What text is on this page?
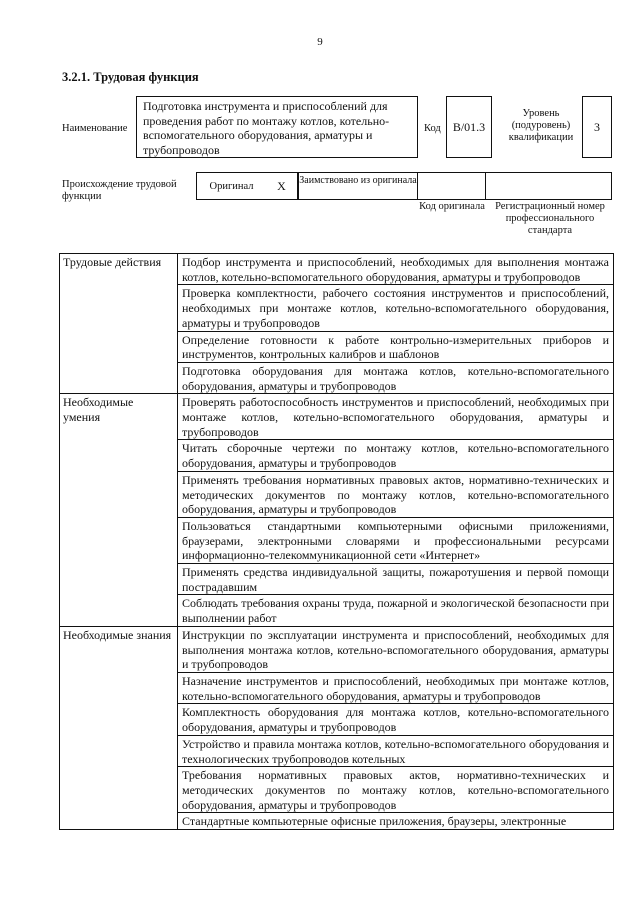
9
3.2.1. Трудовая функция
Наименование
Подготовка инструмента и приспособлений для проведения работ по монтажу котлов, котельно-вспомогательного оборудования, арматуры и трубопроводов
Код	B/01.3
Уровень (подуровень) квалификации
3
Происхождение трудовой функции
Оригинал X Заимствовано из оригинала
Код оригинала Регистрационный номер профессионального стандарта
Трудовые действия	Подбор инструмента и приспособлений, необходимых для выполнения монтажа котлов, котельно-вспомогательного оборудования, арматуры и трубопроводов
	Проверка комплектности, рабочего состояния инструментов и приспособлений, необходимых при монтаже котлов, котельно-вспомогательного оборудования, арматуры и трубопроводов
	Определение готовности к работе контрольно-измерительных приборов и инструментов, контрольных калибров и шаблонов
	Подготовка оборудования для монтажа котлов, котельно-вспомогательного оборудования, арматуры и трубопроводов
Необходимые умения	Проверять работоспособность инструментов и приспособлений, необходимых при монтаже котлов, котельно-вспомогательного оборудования, арматуры и трубопроводов
	Читать сборочные чертежи по монтажу котлов, котельно-вспомогательного оборудования, арматуры и трубопроводов
	Применять требования нормативных правовых актов, нормативно-технических и методических документов по монтажу котлов, котельно-вспомогательного оборудования, арматуры и трубопроводов
	Пользоваться стандартными компьютерными офисными приложениями, браузерами, электронными словарями и профессиональными ресурсами информационно-телекоммуникационной сети «Интернет»
	Применять средства индивидуальной защиты, пожаротушения и первой помощи пострадавшим
	Соблюдать требования охраны труда, пожарной и экологической безопасности при выполнении работ
Необходимые знания	Инструкции по эксплуатации инструмента и приспособлений, необходимых для выполнения монтажа котлов, котельно-вспомогательного оборудования, арматуры и трубопроводов
	Назначение инструментов и приспособлений, необходимых при монтаже котлов, котельно-вспомогательного оборудования, арматуры и трубопроводов
	Комплектность оборудования для монтажа котлов, котельно-вспомогательного оборудования, арматуры и трубопроводов
	Устройство и правила монтажа котлов, котельно-вспомогательного оборудования и технологических трубопроводов котельных
	Требования нормативных правовых актов, нормативно-технических и методических документов по монтажу котлов, котельно-вспомогательного оборудования, арматуры и трубопроводов
	Стандартные компьютерные офисные приложения, браузеры, электронные
